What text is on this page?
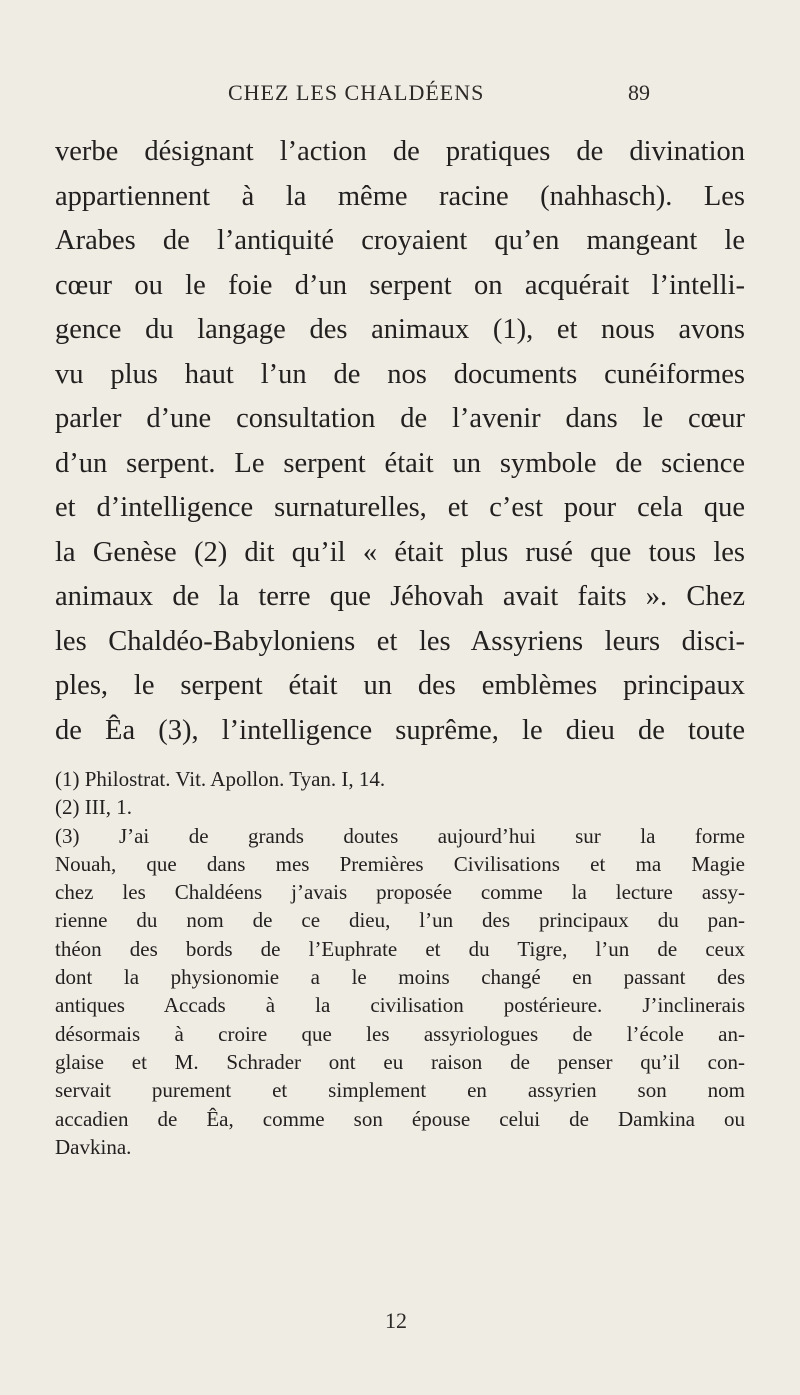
CHEZ LES CHALDÉENS	89
verbe désignant l’action de pratiques de divination
appartiennent à la même racine (nahhasch). Les
Arabes de l’antiquité croyaient qu’en mangeant le
cœur ou le foie d’un serpent on acquérait l’intelli-
gence du langage des animaux (1), et nous avons
vu plus haut l’un de nos documents cunéiformes
parler d’une consultation de l’avenir dans le cœur
d’un serpent. Le serpent était un symbole de science
et d’intelligence surnaturelles, et c’est pour cela que
la Genèse (2) dit qu’il « était plus rusé que tous les
animaux de la terre que Jéhovah avait faits ». Chez
les Chaldéo-Babyloniens et les Assyriens leurs disci-
ples, le serpent était un des emblèmes principaux
de Êa (3), l’intelligence suprême, le dieu de toute
(1) Philostrat. Vit. Apollon. Tyan. I, 14.
(2) III, 1.
(3) J’ai de grands doutes aujourd’hui sur la forme
Nouah, que dans mes Premières Civilisations et ma Magie
chez les Chaldéens j’avais proposée comme la lecture assy-
rienne du nom de ce dieu, l’un des principaux du pan-
théon des bords de l’Euphrate et du Tigre, l’un de ceux
dont la physionomie a le moins changé en passant des
antiques Accads à la civilisation postérieure. J’inclinerais
désormais à croire que les assyriologues de l’école an-
glaise et M. Schrader ont eu raison de penser qu’il con-
servait purement et simplement en assyrien son nom
accadien de Êa, comme son épouse celui de Damkina ou
Davkina.
12
